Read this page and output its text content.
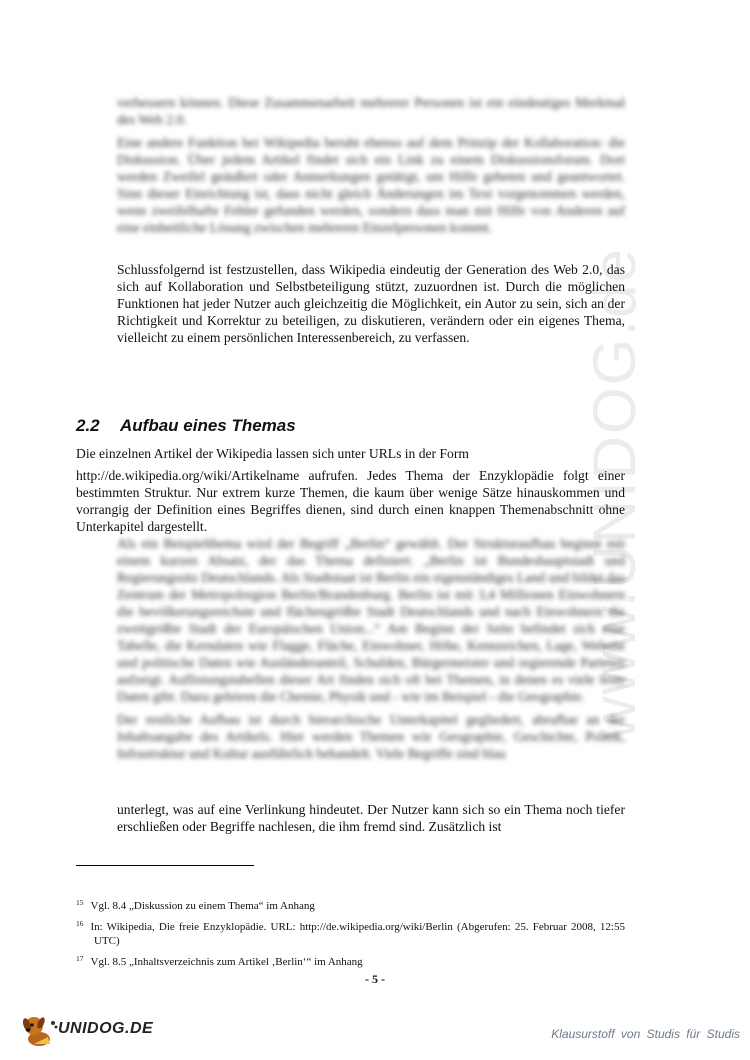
www.UNIDOG.de

verbessern können. Diese Zusammenarbeit mehrerer Personen ist ein eindeutiges Merkmal des Web 2.0.

Eine andere Funktion bei Wikipedia beruht ebenso auf dem Prinzip der Kollaboration: die Diskussion. Über jedem Artikel findet sich ein Link zu einem Diskussionsforum. Dort werden Zweifel geäußert oder Anmerkungen getätigt, um Hilfe gebeten und geantwortet. Sinn dieser Einrichtung ist, dass nicht gleich Änderungen im Text vorgenommen werden, wenn zweifelhafte Fehler gefunden werden, sondern dass man mit Hilfe von Anderen auf eine einheitliche Lösung zwischen mehreren Einzelpersonen kommt.

Schlussfolgernd ist festzustellen, dass Wikipedia eindeutig der Generation des Web 2.0, das sich auf Kollaboration und Selbstbeteiligung stützt, zuzuordnen ist. Durch die möglichen Funktionen hat jeder Nutzer auch gleichzeitig die Möglichkeit, ein Autor zu sein, sich an der Richtigkeit und Korrektur zu beteiligen, zu diskutieren, verändern oder ein eigenes Thema, vielleicht zu einem persönlichen Interessenbereich, zu verfassen.

2.2 Aufbau eines Themas
Die einzelnen Artikel der Wikipedia lassen sich unter URLs in der Form
http://de.wikipedia.org/wiki/Artikelname aufrufen. Jedes Thema der Enzyklopädie folgt einer bestimmten Struktur. Nur extrem kurze Themen, die kaum über wenige Sätze hinauskommen und vorrangig der Definition eines Begriffes dienen, sind durch einen knappen Themenabschnitt ohne Unterkapitel dargestellt.

Als ein Beispielthema wird der Begriff „Berlin“ gewählt. Der Strukturaufbau beginnt mit einem kurzen Absatz, der das Thema definiert: „Berlin ist Bundeshauptstadt und Regierungssitz Deutschlands. Als Stadtstaat ist Berlin ein eigenständiges Land und bildet das Zentrum der Metropolregion Berlin/Brandenburg. Berlin ist mit 3,4 Millionen Einwohnern die bevölkerungsreichste und flächengrößte Stadt Deutschlands und nach Einwohnern die zweitgrößte Stadt der Europäischen Union...“ Am Beginn der Seite befindet sich eine Tabelle, die Kerndaten wie Flagge, Fläche, Einwohner, Höhe, Kennzeichen, Lage, Website und politische Daten wie Ausländeranteil, Schulden, Bürgermeister und regierende Parteien aufzeigt. Auflistungstabellen dieser Art finden sich oft bei Themen, in denen es viele feste Daten gibt. Dazu gehören die Chemie, Physik und - wie im Beispiel - die Geographie.

Der restliche Aufbau ist durch hierarchische Unterkapitel gegliedert, abrufbar an der Inhaltsangabe des Artikels. Hier werden Themen wie Geographie, Geschichte, Politik, Infrastruktur und Kultur ausführlich behandelt. Viele Begriffe sind blau

unterlegt, was auf eine Verlinkung hindeutet. Der Nutzer kann sich so ein Thema noch tiefer erschließen oder Begriffe nachlesen, die ihm fremd sind. Zusätzlich ist

$^{15}$ Vgl. 8.4 „Diskussion zu einem Thema“ im Anhang

$^{16}$ In: Wikipedia, Die freie Enzyklopädie. URL: http://de.wikipedia.org/wiki/Berlin (Abgerufen: 25. Februar 2008, 12:55 UTC)

$^{17}$ Vgl. 8.5 „Inhaltsverzeichnis zum Artikel ‚Berlin‘“ im Anhang

- 5 -
UNIDOG.DE	Klausurstoff von Studis für Studis
